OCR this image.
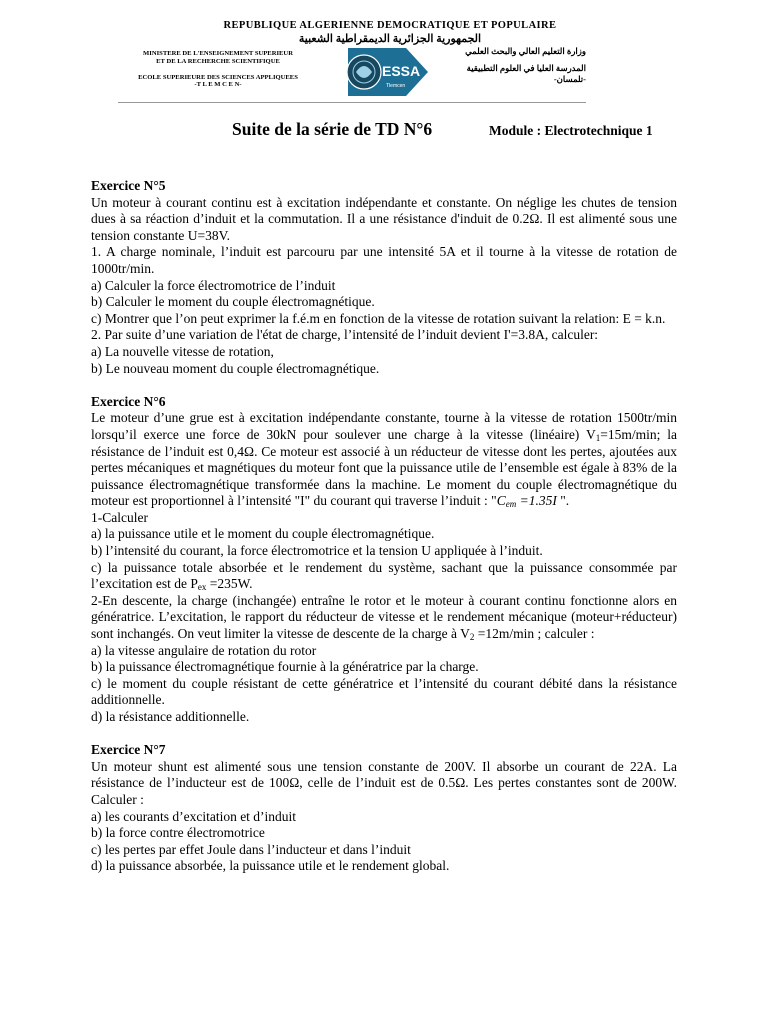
REPUBLIQUE ALGERIENNE DEMOCRATIQUE ET POPULAIRE
الجمهورية الجزائرية الديمقراطية الشعبية
MINISTERE DE L'ENSEIGNEMENT SUPERIEUR
ET DE LA RECHERCHE SCIENTIFIQUE
ECOLE SUPERIEURE DES SCIENCES APPLIQUEES
-T L E M C E N-
ESSA
Tlemcen
وزارة التعليم العالي والبحث العلمي
المدرسة العليا في العلوم التطبيقية
-تلمسان-
Suite de la série de TD N°6	Module : Electrotechnique 1
Exercice N°5
Un moteur à courant continu est à excitation indépendante et constante. On néglige les chutes de tension dues à sa réaction d’induit et la commutation. Il a une résistance d'induit de 0.2Ω. Il est alimenté sous une tension constante U=38V.
1. A charge nominale, l’induit est parcouru par une intensité 5A et il tourne à la vitesse de rotation de 1000tr/min.
a) Calculer la force électromotrice de l’induit
b) Calculer le moment du couple électromagnétique.
c) Montrer que l’on peut exprimer la f.é.m en fonction de la vitesse de rotation suivant la relation: E = k.n.
2. Par suite d’une variation de l'état de charge, l’intensité de l’induit devient I'=3.8A, calculer:
a) La nouvelle vitesse de rotation,
b) Le nouveau moment du couple électromagnétique.
Exercice N°6
Le moteur d’une grue est à excitation indépendante constante, tourne à la vitesse de rotation 1500tr/min lorsqu’il exerce une force de 30kN pour soulever une charge à la vitesse (linéaire) $V_1=15m/\min$; la résistance de l’induit est 0,4Ω. Ce moteur est associé à un réducteur de vitesse dont les pertes, ajoutées aux pertes mécaniques et magnétiques du moteur font que la puissance utile de l’ensemble est égale à 83% de la puissance électromagnétique transformée dans la machine. Le moment du couple électromagnétique du moteur est proportionnel à l’intensité "I" du courant qui traverse l’induit : "$C_{em} =1.35I$ ".
1-Calculer
a) la puissance utile et le moment du couple électromagnétique.
b) l’intensité du courant, la force électromotrice et la tension U appliquée à l’induit.
c) la puissance totale absorbée et le rendement du système, sachant que la puissance consommée par l’excitation est de $P_{ex} =235W$.
2-En descente, la charge (inchangée) entraîne le rotor et le moteur à courant continu fonctionne alors en génératrice. L’excitation, le rapport du réducteur de vitesse et le rendement mécanique (moteur+réducteur) sont inchangés. On veut limiter la vitesse de descente de la charge à $V_2 =12m/\min$ ; calculer :
a) la vitesse angulaire de rotation du rotor
b) la puissance électromagnétique fournie à la génératrice par la charge.
c) le moment du couple résistant de cette génératrice et l’intensité du courant débité dans la résistance additionnelle.
d) la résistance additionnelle.
Exercice N°7
Un moteur shunt est alimenté sous une tension constante de 200V. Il absorbe un courant de 22A. La résistance de l’inducteur est de 100Ω, celle de l’induit est de 0.5Ω. Les pertes constantes sont de 200W. Calculer :
a) les courants d’excitation et d’induit
b) la force contre électromotrice
c) les pertes par effet Joule dans l’inducteur et dans l’induit
d) la puissance absorbée, la puissance utile et le rendement global.
